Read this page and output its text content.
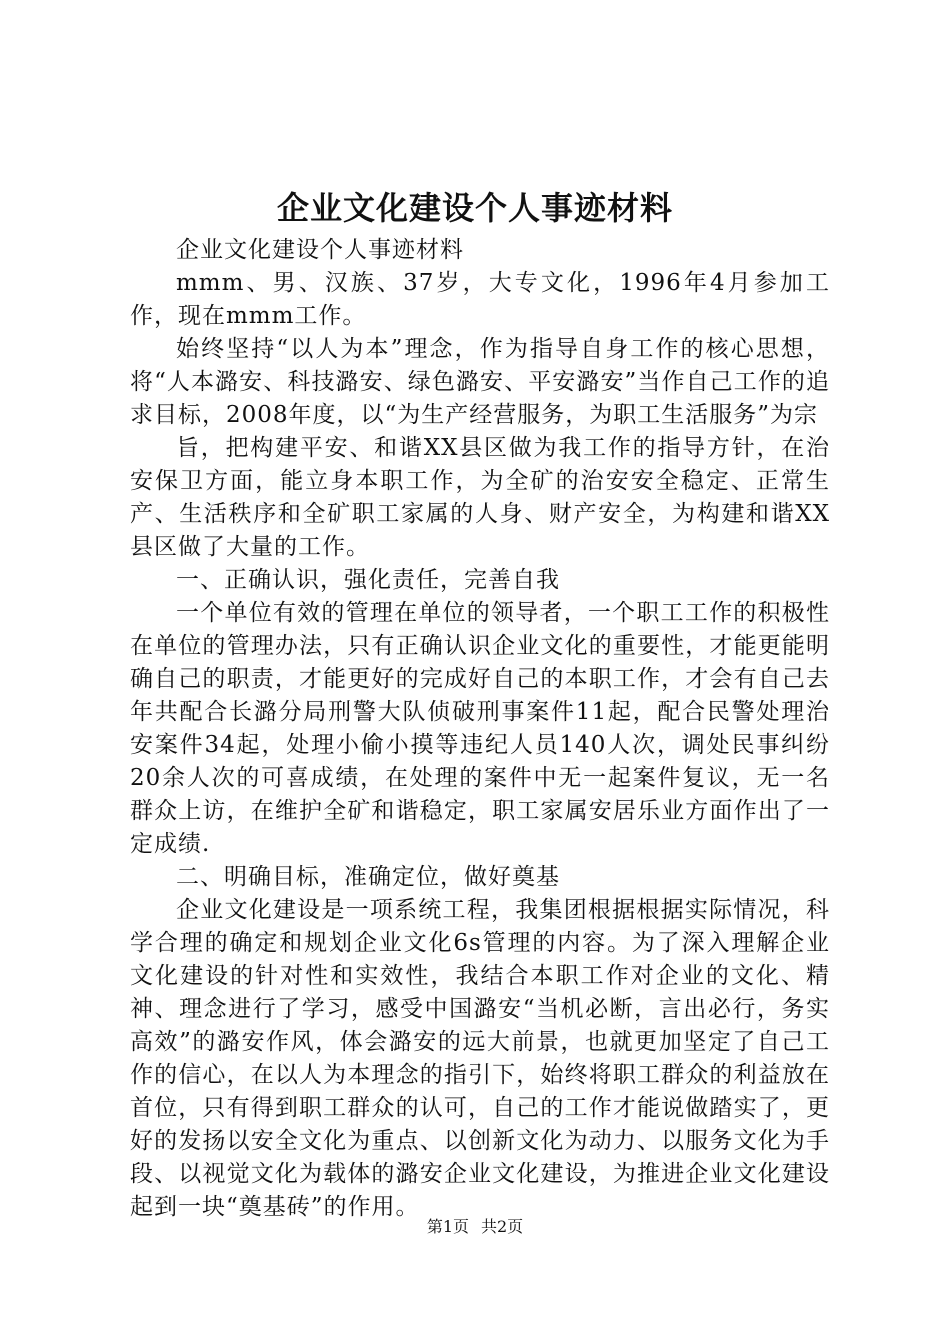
企业文化建设个人事迹材料

企业文化建设个人事迹材料

mmm、男、汉族、37岁，大专文化，1996年4月参加工作，现在mmm工作。

始终坚持“以人为本”理念，作为指导自身工作的核心思想，将“人本潞安、科技潞安、绿色潞安、平安潞安”当作自己工作的追求目标，2008年度，以“为生产经营服务，为职工生活服务”为宗

旨，把构建平安、和谐XX县区做为我工作的指导方针，在治安保卫方面，能立身本职工作，为全矿的治安安全稳定、正常生产、生活秩序和全矿职工家属的人身、财产安全，为构建和谐XX县区做了大量的工作。

一、正确认识，强化责任，完善自我

一个单位有效的管理在单位的领导者，一个职工工作的积极性在单位的管理办法，只有正确认识企业文化的重要性，才能更能明确自己的职责，才能更好的完成好自己的本职工作，才会有自己去年共配合长潞分局刑警大队侦破刑事案件11起，配合民警处理治安案件34起，处理小偷小摸等违纪人员140人次，调处民事纠纷20余人次的可喜成绩，在处理的案件中无一起案件复议，无一名群众上访，在维护全矿和谐稳定，职工家属安居乐业方面作出了一定成绩.

二、明确目标，准确定位，做好奠基

企业文化建设是一项系统工程，我集团根据根据实际情况，科学合理的确定和规划企业文化6s管理的内容。为了深入理解企业文化建设的针对性和实效性，我结合本职工作对企业的文化、精神、理念进行了学习，感受中国潞安“当机必断，言出必行，务实高效”的潞安作风，体会潞安的远大前景，也就更加坚定了自己工作的信心，在以人为本理念的指引下，始终将职工群众的利益放在首位，只有得到职工群众的认可，自己的工作才能说做踏实了，更好的发扬以安全文化为重点、以创新文化为动力、以服务文化为手段、以视觉文化为载体的潞安企业文化建设，为推进企业文化建设起到一块“奠基砖”的作用。

第1页 共2页
